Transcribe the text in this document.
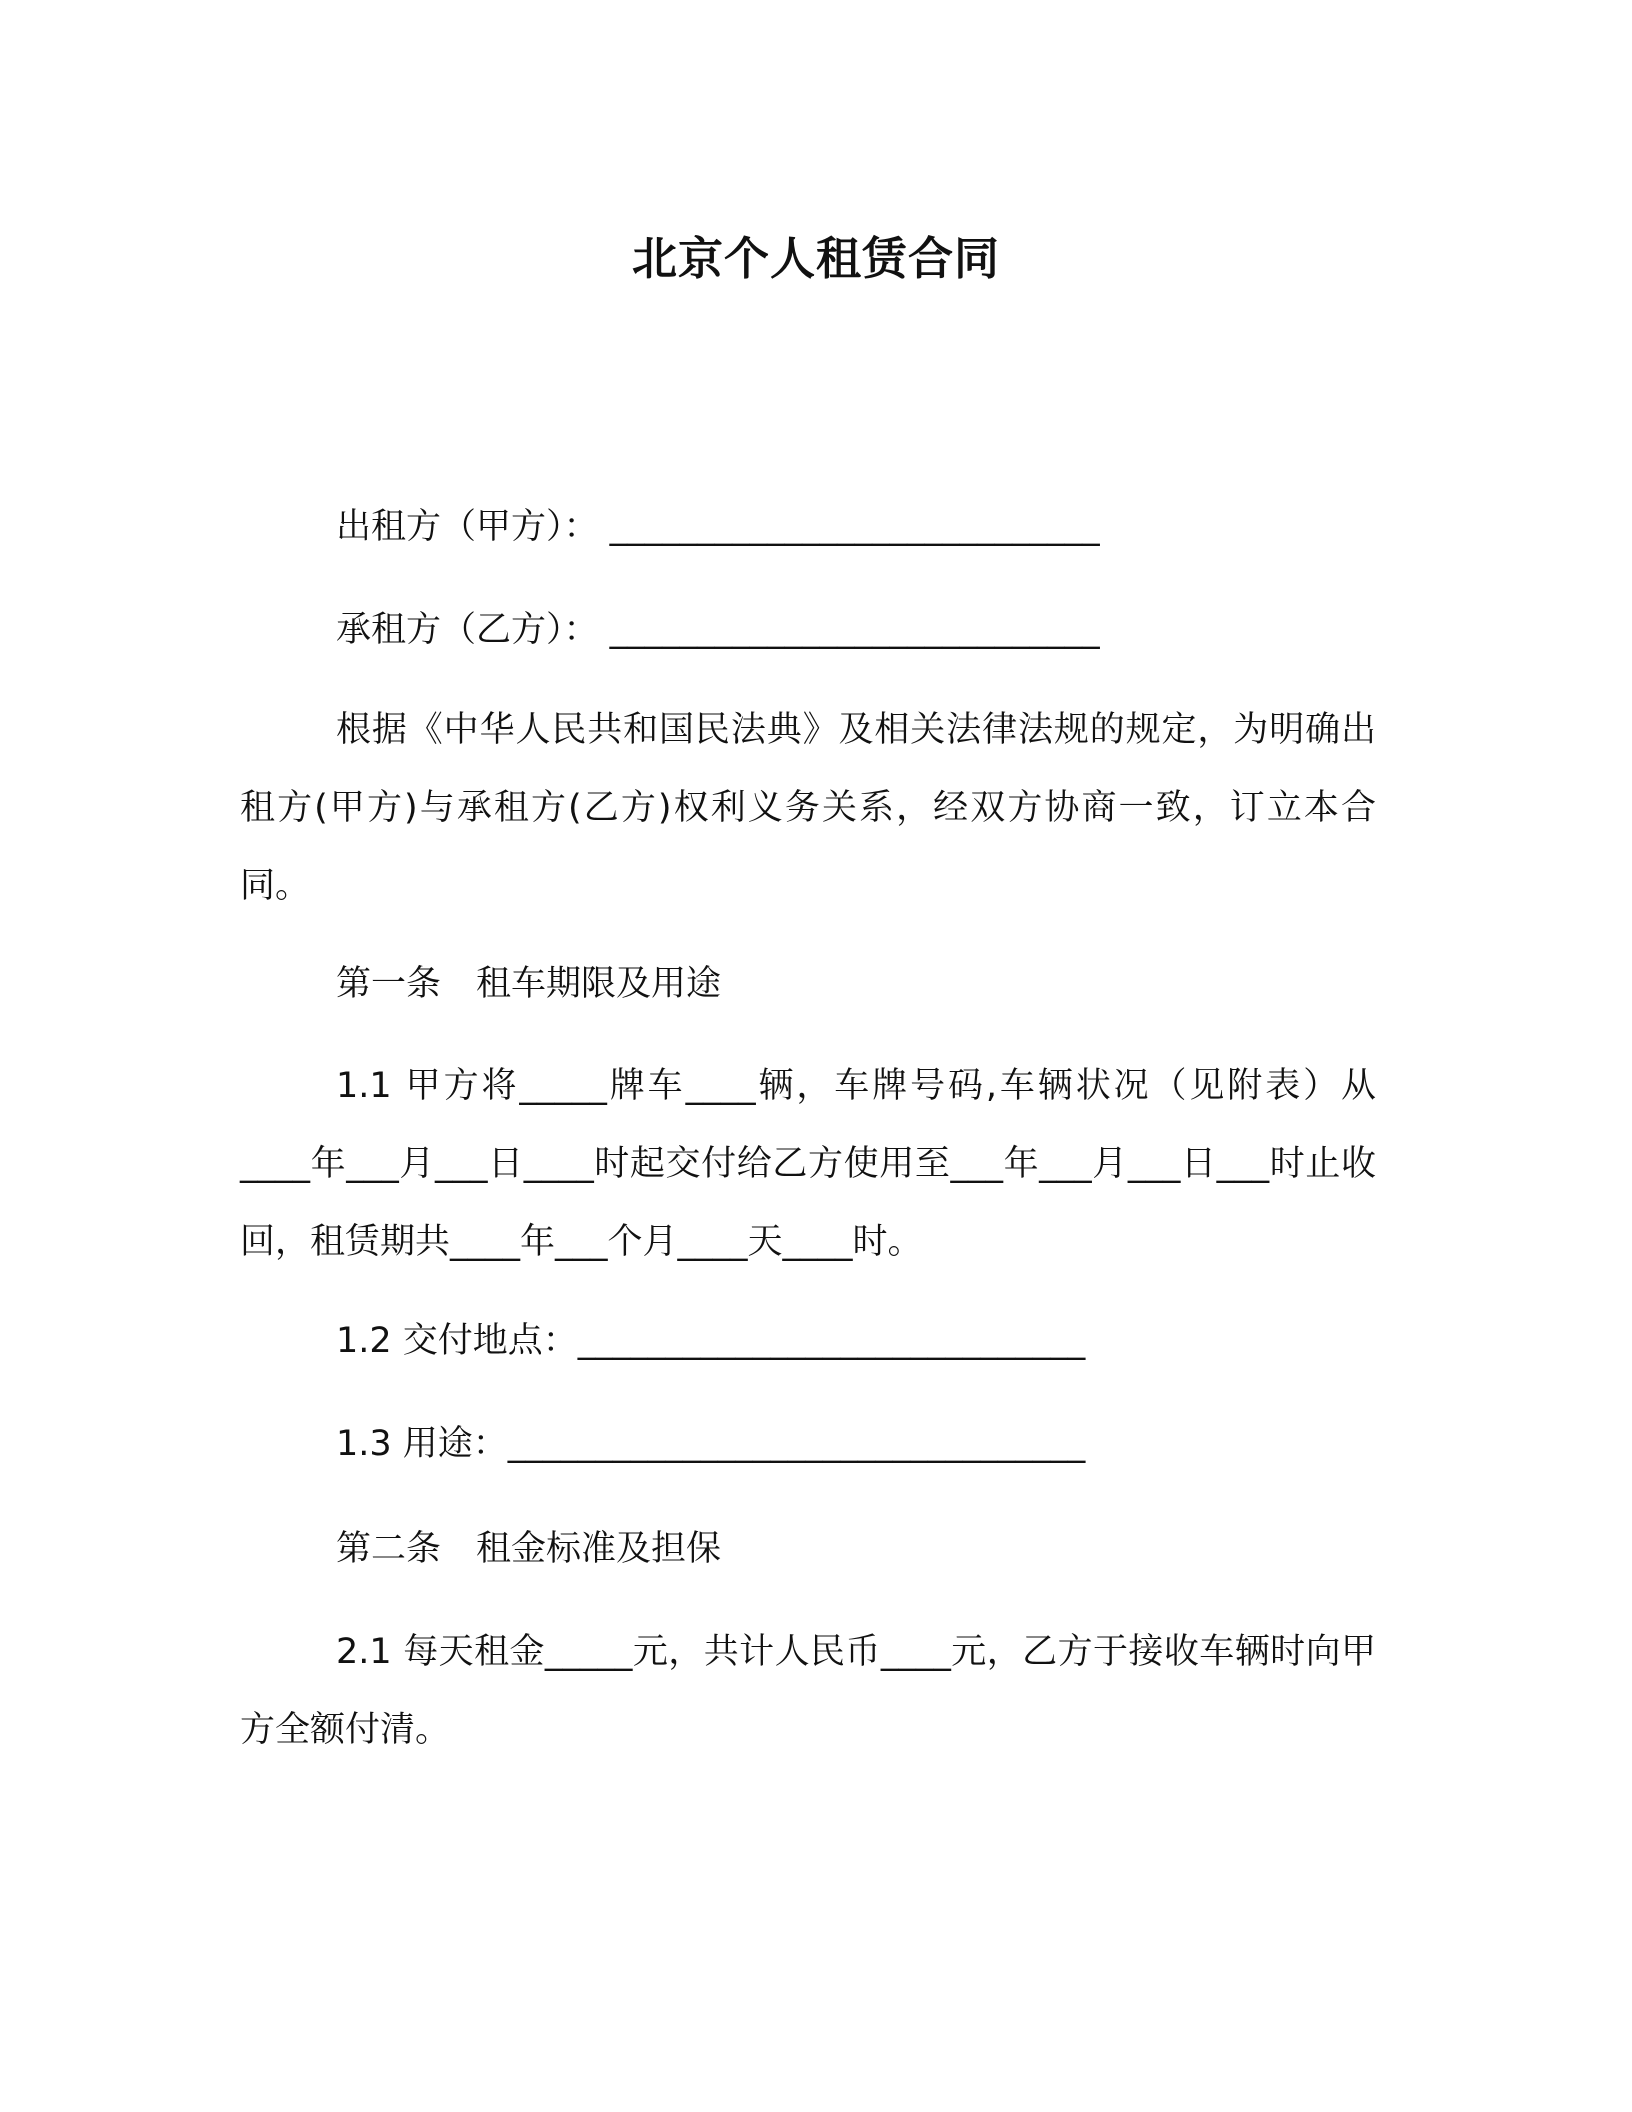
北京个人租赁合同

出租方（甲方）： ____________________________

承租方（乙方）： ____________________________

根据《中华人民共和国民法典》及相关法律法规的规定，为明确出租方(甲方)与承租方(乙方)权利义务关系，经双方协商一致，订立本合同。

第一条　租车期限及用途

1.1 甲方将_____牌车____辆，车牌号码,车辆状况（见附表）从____年___月___日____时起交付给乙方使用至___年___月___日___时止收回，租赁期共____年___个月____天____时。

1.2 交付地点：_____________________________

1.3 用途：_________________________________

第二条　租金标准及担保

2.1 每天租金_____元，共计人民币____元，乙方于接收车辆时向甲方全额付清。
